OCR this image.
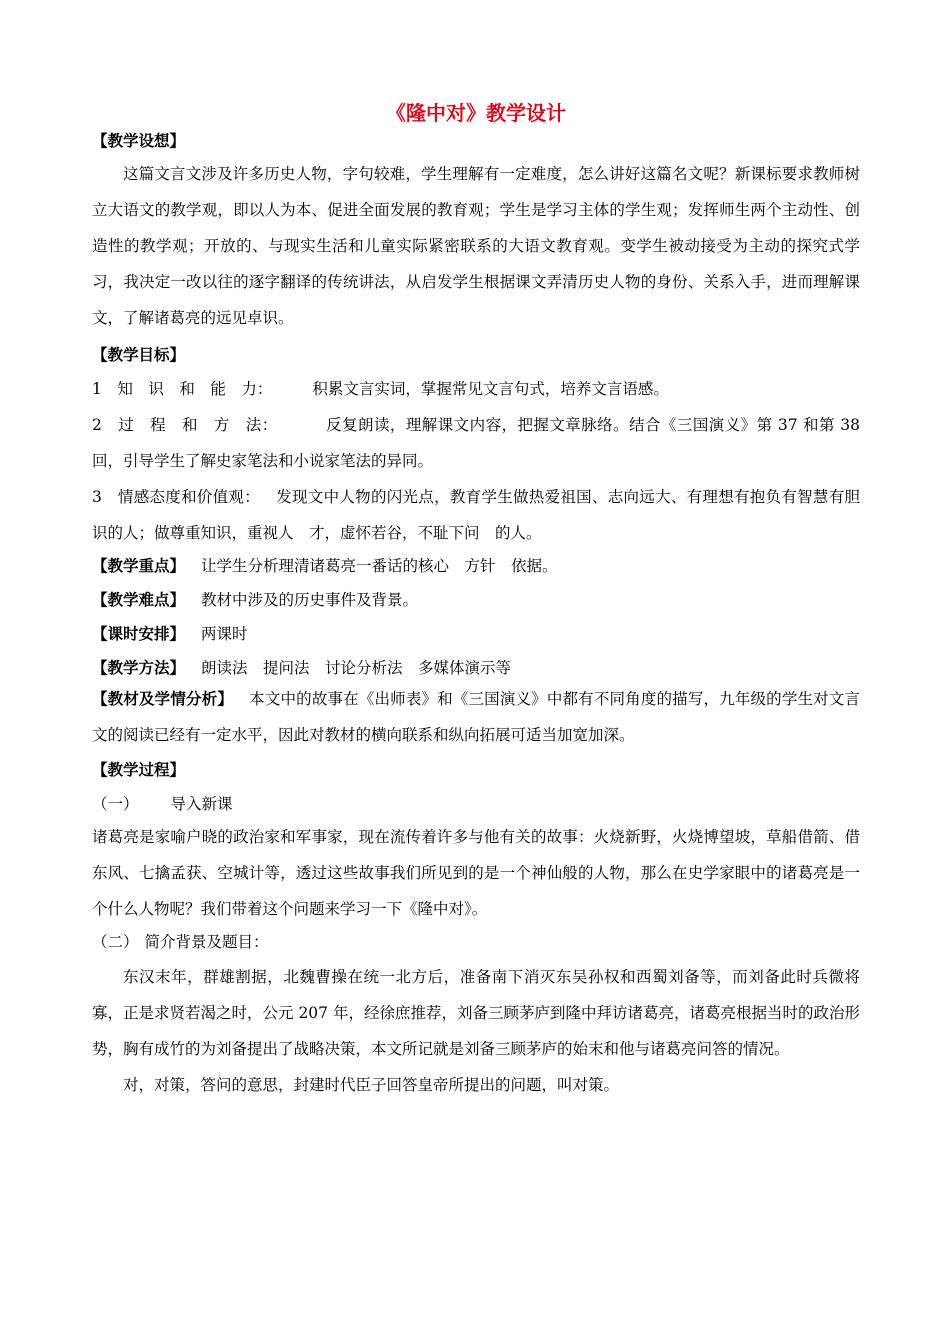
《隆中对》教学设计
【教学设想】

这篇文言文涉及许多历史人物，字句较难，学生理解有一定难度，怎么讲好这篇名文呢？新课标要求教师树立大语文的教学观，即以人为本、促进全面发展的教育观；学生是学习主体的学生观；发挥师生两个主动性、创造性的教学观；开放的、与现实生活和儿童实际紧密联系的大语文教育观。变学生被动接受为主动的探究式学习，我决定一改以往的逐字翻译的传统讲法，从启发学生根据课文弄清历史人物的身份、关系入手，进而理解课文，了解诸葛亮的远见卓识。

【教学目标】

1　知　识　和　能　力：	积累文言实词，掌握常见文言句式，培养文言语感。

2　过　程　和　方　法：	反复朗读，理解课文内容，把握文章脉络。结合《三国演义》第 37 和第 38 回，引导学生了解史家笔法和小说家笔法的异同。

3　情感态度和价值观： 发现文中人物的闪光点，教育学生做热爱祖国、志向远大、有理想有抱负有智慧有胆识的人；做尊重知识，重视人　才，虚怀若谷，不耻下问　的人。

【教学重点】 让学生分析理清诸葛亮一番话的核心　方针　依据。
【教学难点】 教材中涉及的历史事件及背景。
【课时安排】 两课时
【教学方法】 朗读法　提问法　讨论分析法　多媒体演示等

【教材及学情分析】 本文中的故事在《出师表》和《三国演义》中都有不同角度的描写，九年级的学生对文言文的阅读已经有一定水平，因此对教材的横向联系和纵向拓展可适当加宽加深。

【教学过程】
（一） 导入新课

诸葛亮是家喻户晓的政治家和军事家，现在流传着许多与他有关的故事：火烧新野，火烧博望坡，草船借箭、借东风、七擒孟获、空城计等，透过这些故事我们所见到的是一个神仙般的人物，那么在史学家眼中的诸葛亮是一个什么人物呢？我们带着这个问题来学习一下《隆中对》。

（二） 简介背景及题目：

东汉末年，群雄割据，北魏曹操在统一北方后，准备南下消灭东吴孙权和西蜀刘备等，而刘备此时兵微将寡，正是求贤若渴之时，公元 207 年，经徐庶推荐，刘备三顾茅庐到隆中拜访诸葛亮，诸葛亮根据当时的政治形势，胸有成竹的为刘备提出了战略决策，本文所记就是刘备三顾茅庐的始末和他与诸葛亮问答的情况。

对，对策，答问的意思，封建时代臣子回答皇帝所提出的问题，叫对策。
